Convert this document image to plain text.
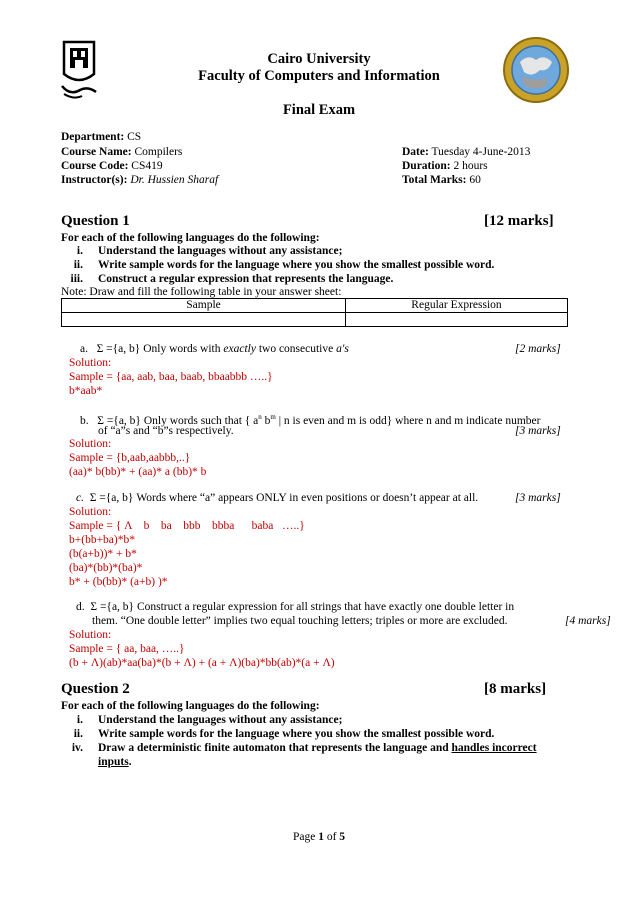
Cairo University
Faculty of Computers and Information
Final Exam
Department: CS
Course Name: Compilers
Course Code: CS419
Instructor(s): Dr. Hussien Sharaf
Date: Tuesday 4-June-2013
Duration: 2 hours
Total Marks: 60
Question 1	[12 marks]
For each of the following languages do the following:
i. Understand the languages without any assistance;
ii. Write sample words for the language where you show the smallest possible word.
iii. Construct a regular expression that represents the language.
Note: Draw and fill the following table in your answer sheet:
Sample	Regular Expression

a. Σ ={a, b} Only words with exactly two consecutive a's	[2 marks]
Solution:
Sample = {aa, aab, baa, baab, bbaabbb …..}
b*aab*
b. Σ ={a, b} Only words such that { $a^n$ $b^m$ | n is even and m is odd} where n and m indicate number
of “a”s and “b”s respectively.	[3 marks]
Solution:
Sample = {b,aab,aabbb,..}
(aa)* b(bb)* + (aa)* a (bb)* b
c. Σ ={a, b} Words where “a” appears ONLY in even positions or doesn’t appear at all.	[3 marks]
Solution:
Sample = { Λ    b    ba    bbb    bbba      baba   …..}
b+(bb+ba)*b*
(b(a+b))* + b*
(ba)*(bb)*(ba)*
b* + (b(bb)* (a+b) )*
d. Σ ={a, b} Construct a regular expression for all strings that have exactly one double letter in
them. “One double letter” implies two equal touching letters; triples or more are excluded.	[4 marks]
Solution:
Sample = { aa, baa, …..}
(b + Λ)(ab)*aa(ba)*(b + Λ) + (a + Λ)(ba)*bb(ab)*(a + Λ)
Question 2	[8 marks]
For each of the following languages do the following:
i. Understand the languages without any assistance;
ii. Write sample words for the language where you show the smallest possible word.
iv. Draw a deterministic finite automaton that represents the language and handles incorrect
inputs.
Page 1 of 5
